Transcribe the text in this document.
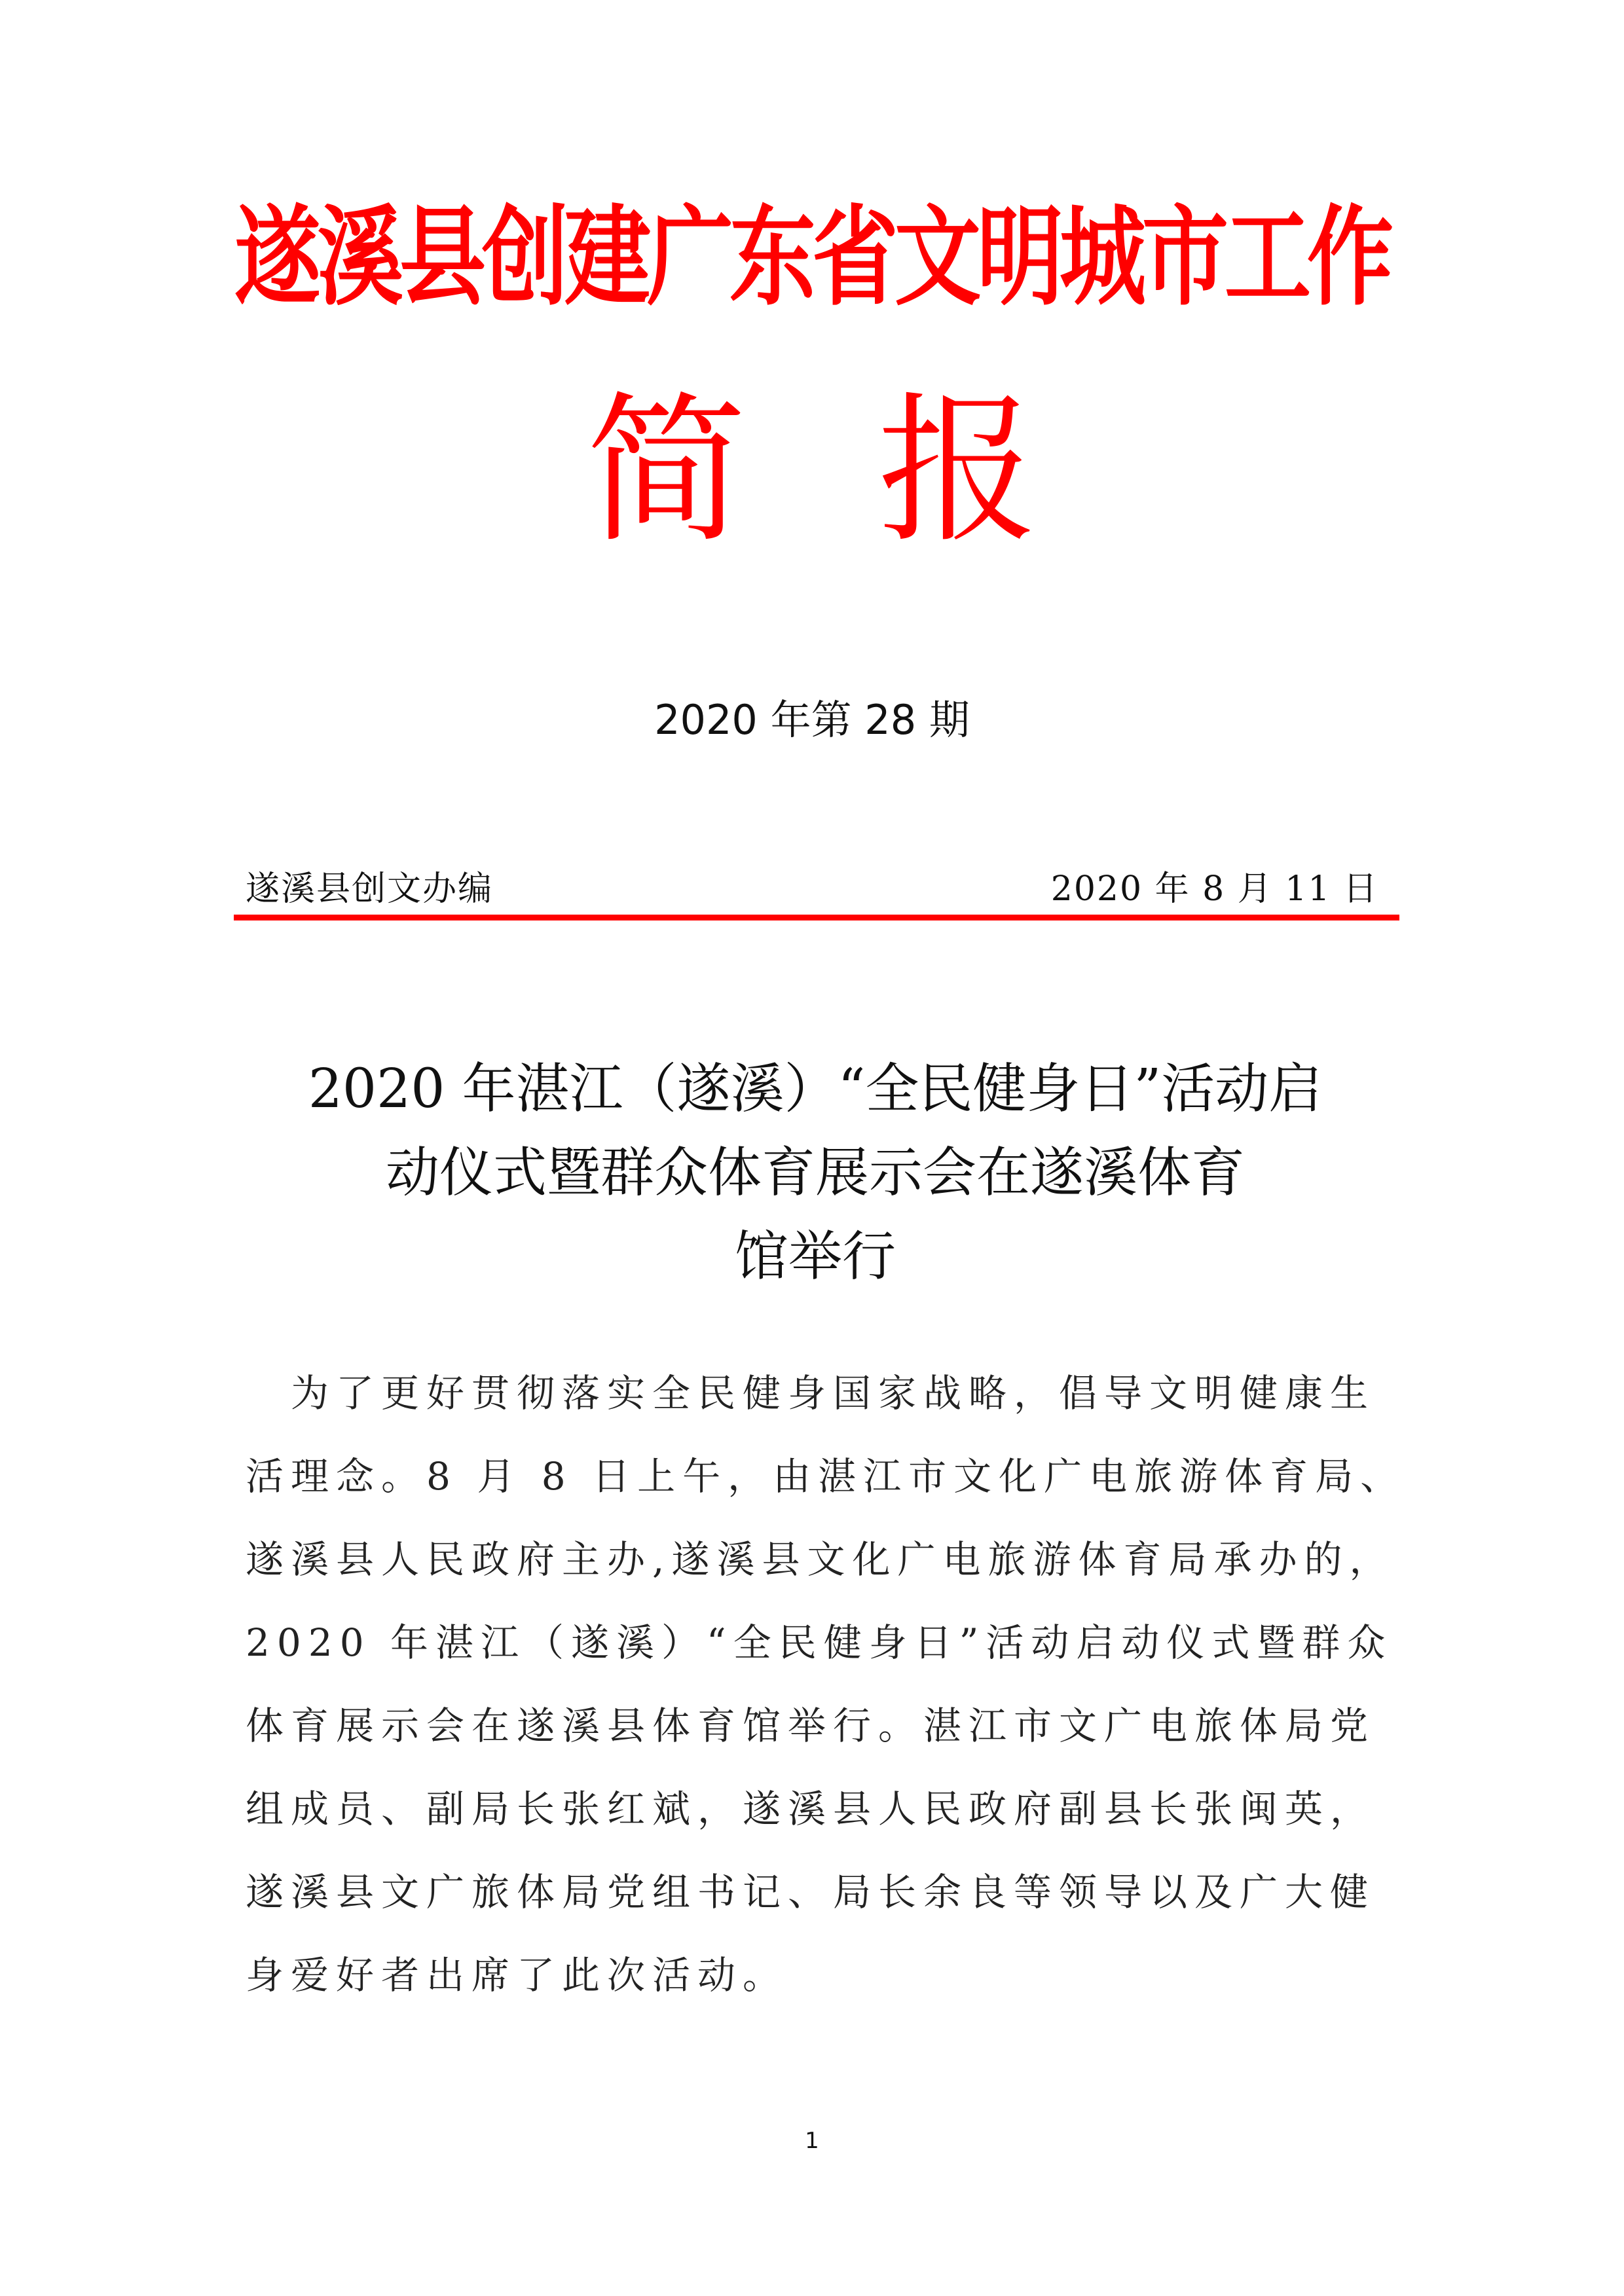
遂溪县创建广东省文明城市工作
简 报
2020 年第 28 期
遂溪县创文办编	2020 年 8 月 11 日
2020 年湛江（遂溪）“全民健身日”活动启
动仪式暨群众体育展示会在遂溪体育
馆举行
　为了更好贯彻落实全民健身国家战略，倡导文明健康生
活理念。8 月 8 日上午，由湛江市文化广电旅游体育局、
遂溪县人民政府主办,遂溪县文化广电旅游体育局承办的，
2020 年湛江（遂溪）“全民健身日”活动启动仪式暨群众
体育展示会在遂溪县体育馆举行。湛江市文广电旅体局党
组成员、副局长张红斌，遂溪县人民政府副县长张闽英，
遂溪县文广旅体局党组书记、局长余良等领导以及广大健
身爱好者出席了此次活动。
1
